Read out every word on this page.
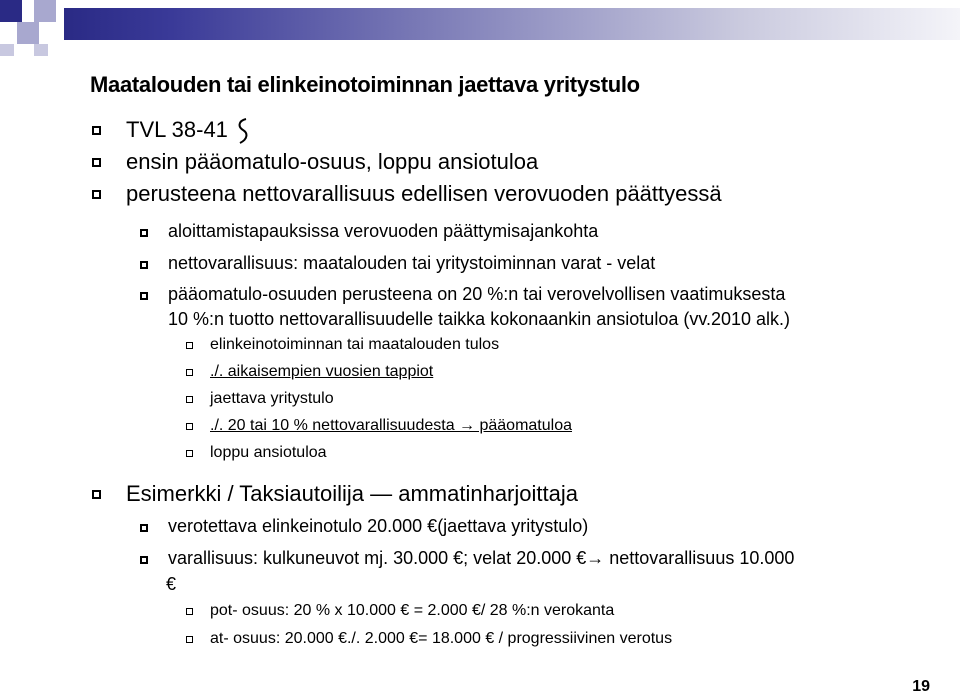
Maatalouden tai elinkeinotoiminnan jaettava yritystulo
TVL 38-41
ensin pääomatulo-osuus, loppu ansiotuloa
perusteena nettovarallisuus edellisen verovuoden päättyessä
aloittamistapauksissa verovuoden päättymisajankohta
nettovarallisuus: maatalouden tai yritystoiminnan varat - velat
pääomatulo-osuuden perusteena on 20 %:n tai verovelvollisen vaatimuksesta
10 %:n tuotto nettovarallisuudelle taikka kokonaankin ansiotuloa (vv.2010 alk.)
elinkeinotoiminnan tai maatalouden tulos
./. aikaisempien vuosien tappiot
jaettava yritystulo
./. 20 tai 10 % nettovarallisuudesta → pääomatuloa
loppu ansiotuloa
Esimerkki / Taksiautoilija — ammatinharjoittaja
verotettava elinkeinotulo 20.000 €(jaettava yritystulo)
varallisuus: kulkuneuvot mj. 30.000 €; velat 20.000 €→ nettovarallisuus 10.000
€
pot- osuus: 20 % x 10.000 € = 2.000 €/ 28 %:n verokanta
at- osuus: 20.000 €./. 2.000 €= 18.000 € / progressiivinen verotus
19
